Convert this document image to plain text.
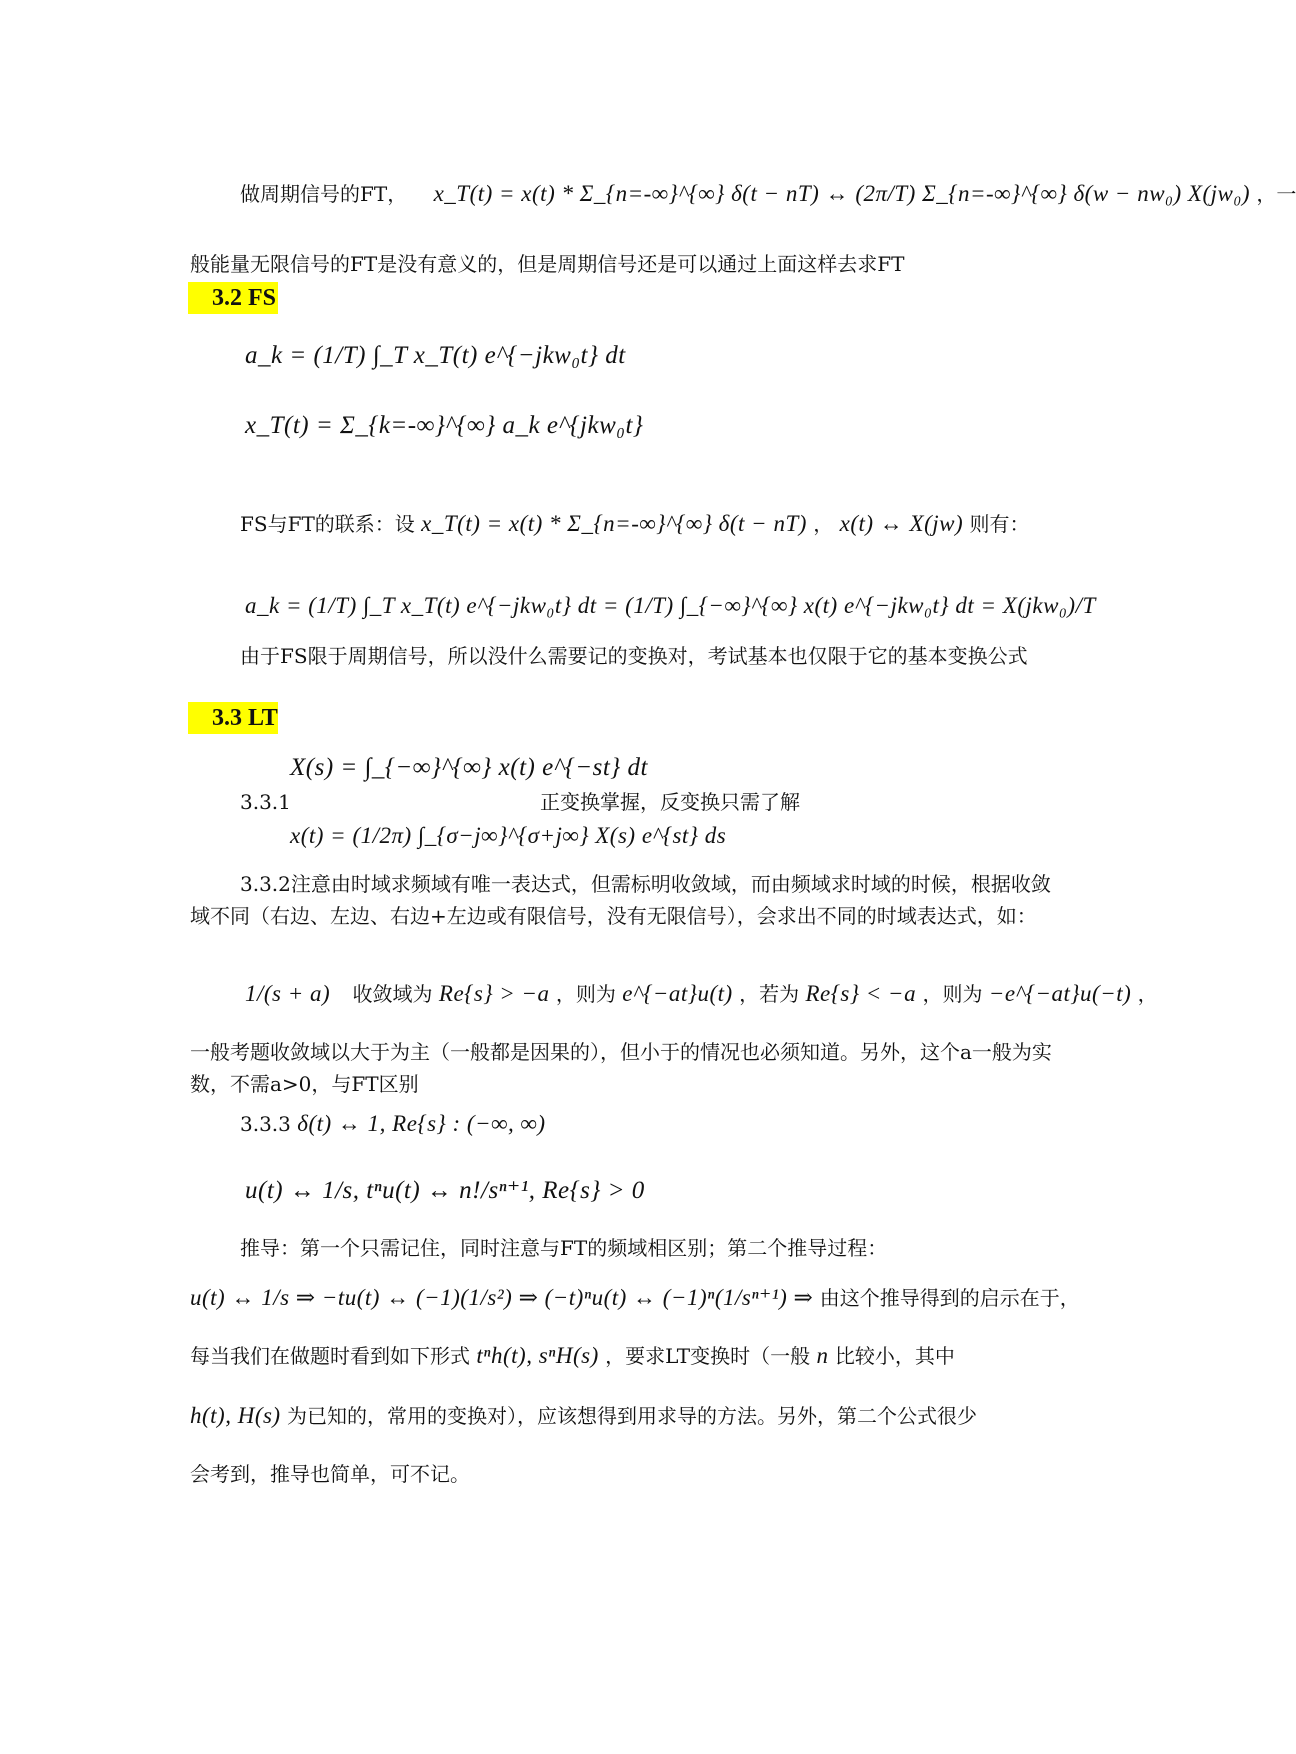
做周期信号的FT， x_T(t) = x(t) * Σ_{n=-∞}^{∞} δ(t − nT) ↔ (2π/T) Σ_{n=-∞}^{∞} δ(w − nw₀) X(jw₀) ，一
般能量无限信号的FT是没有意义的，但是周期信号还是可以通过上面这样去求FT
3.2 FS
a_k = (1/T) ∫_T x_T(t) e^{−jkw₀t} dt
x_T(t) = Σ_{k=-∞}^{∞} a_k e^{jkw₀t}
FS与FT的联系：设 x_T(t) = x(t) * Σ_{n=-∞}^{∞} δ(t − nT) ， x(t) ↔ X(jw) 则有：
a_k = (1/T) ∫_T x_T(t) e^{−jkw₀t} dt = (1/T) ∫_{−∞}^{∞} x(t) e^{−jkw₀t} dt = X(jkw₀)/T
由于FS限于周期信号，所以没什么需要记的变换对，考试基本也仅限于它的基本变换公式
3.3 LT
X(s) = ∫_{−∞}^{∞} x(t) e^{−st} dt
3.3.1	正变换掌握，反变换只需了解
x(t) = (1/2π) ∫_{σ−j∞}^{σ+j∞} X(s) e^{st} ds
3.3.2注意由时域求频域有唯一表达式，但需标明收敛域，而由频域求时域的时候，根据收敛域不同（右边、左边、右边+左边或有限信号，没有无限信号），会求出不同的时域表达式，如：
1/(s + a) 收敛域为 Re{s} > −a ，则为 e^{−at}u(t) ，若为 Re{s} < −a ，则为 −e^{−at}u(−t) ，
一般考题收敛域以大于为主（一般都是因果的），但小于的情况也必须知道。另外，这个a一般为实数，不需a>0，与FT区别
3.3.3 δ(t) ↔ 1, Re{s} : (−∞, ∞)
u(t) ↔ 1/s, tⁿu(t) ↔ n!/sⁿ⁺¹, Re{s} > 0
推导：第一个只需记住，同时注意与FT的频域相区别；第二个推导过程：
u(t) ↔ 1/s ⇒ −tu(t) ↔ (−1)(1/s²) ⇒ (−t)ⁿu(t) ↔ (−1)ⁿ(1/sⁿ⁺¹) ⇒ 由这个推导得到的启示在于，
每当我们在做题时看到如下形式 tⁿh(t), sⁿH(s) ，要求LT变换时（一般 n 比较小，其中
h(t), H(s) 为已知的，常用的变换对），应该想得到用求导的方法。另外，第二个公式很少
会考到，推导也简单，可不记。
